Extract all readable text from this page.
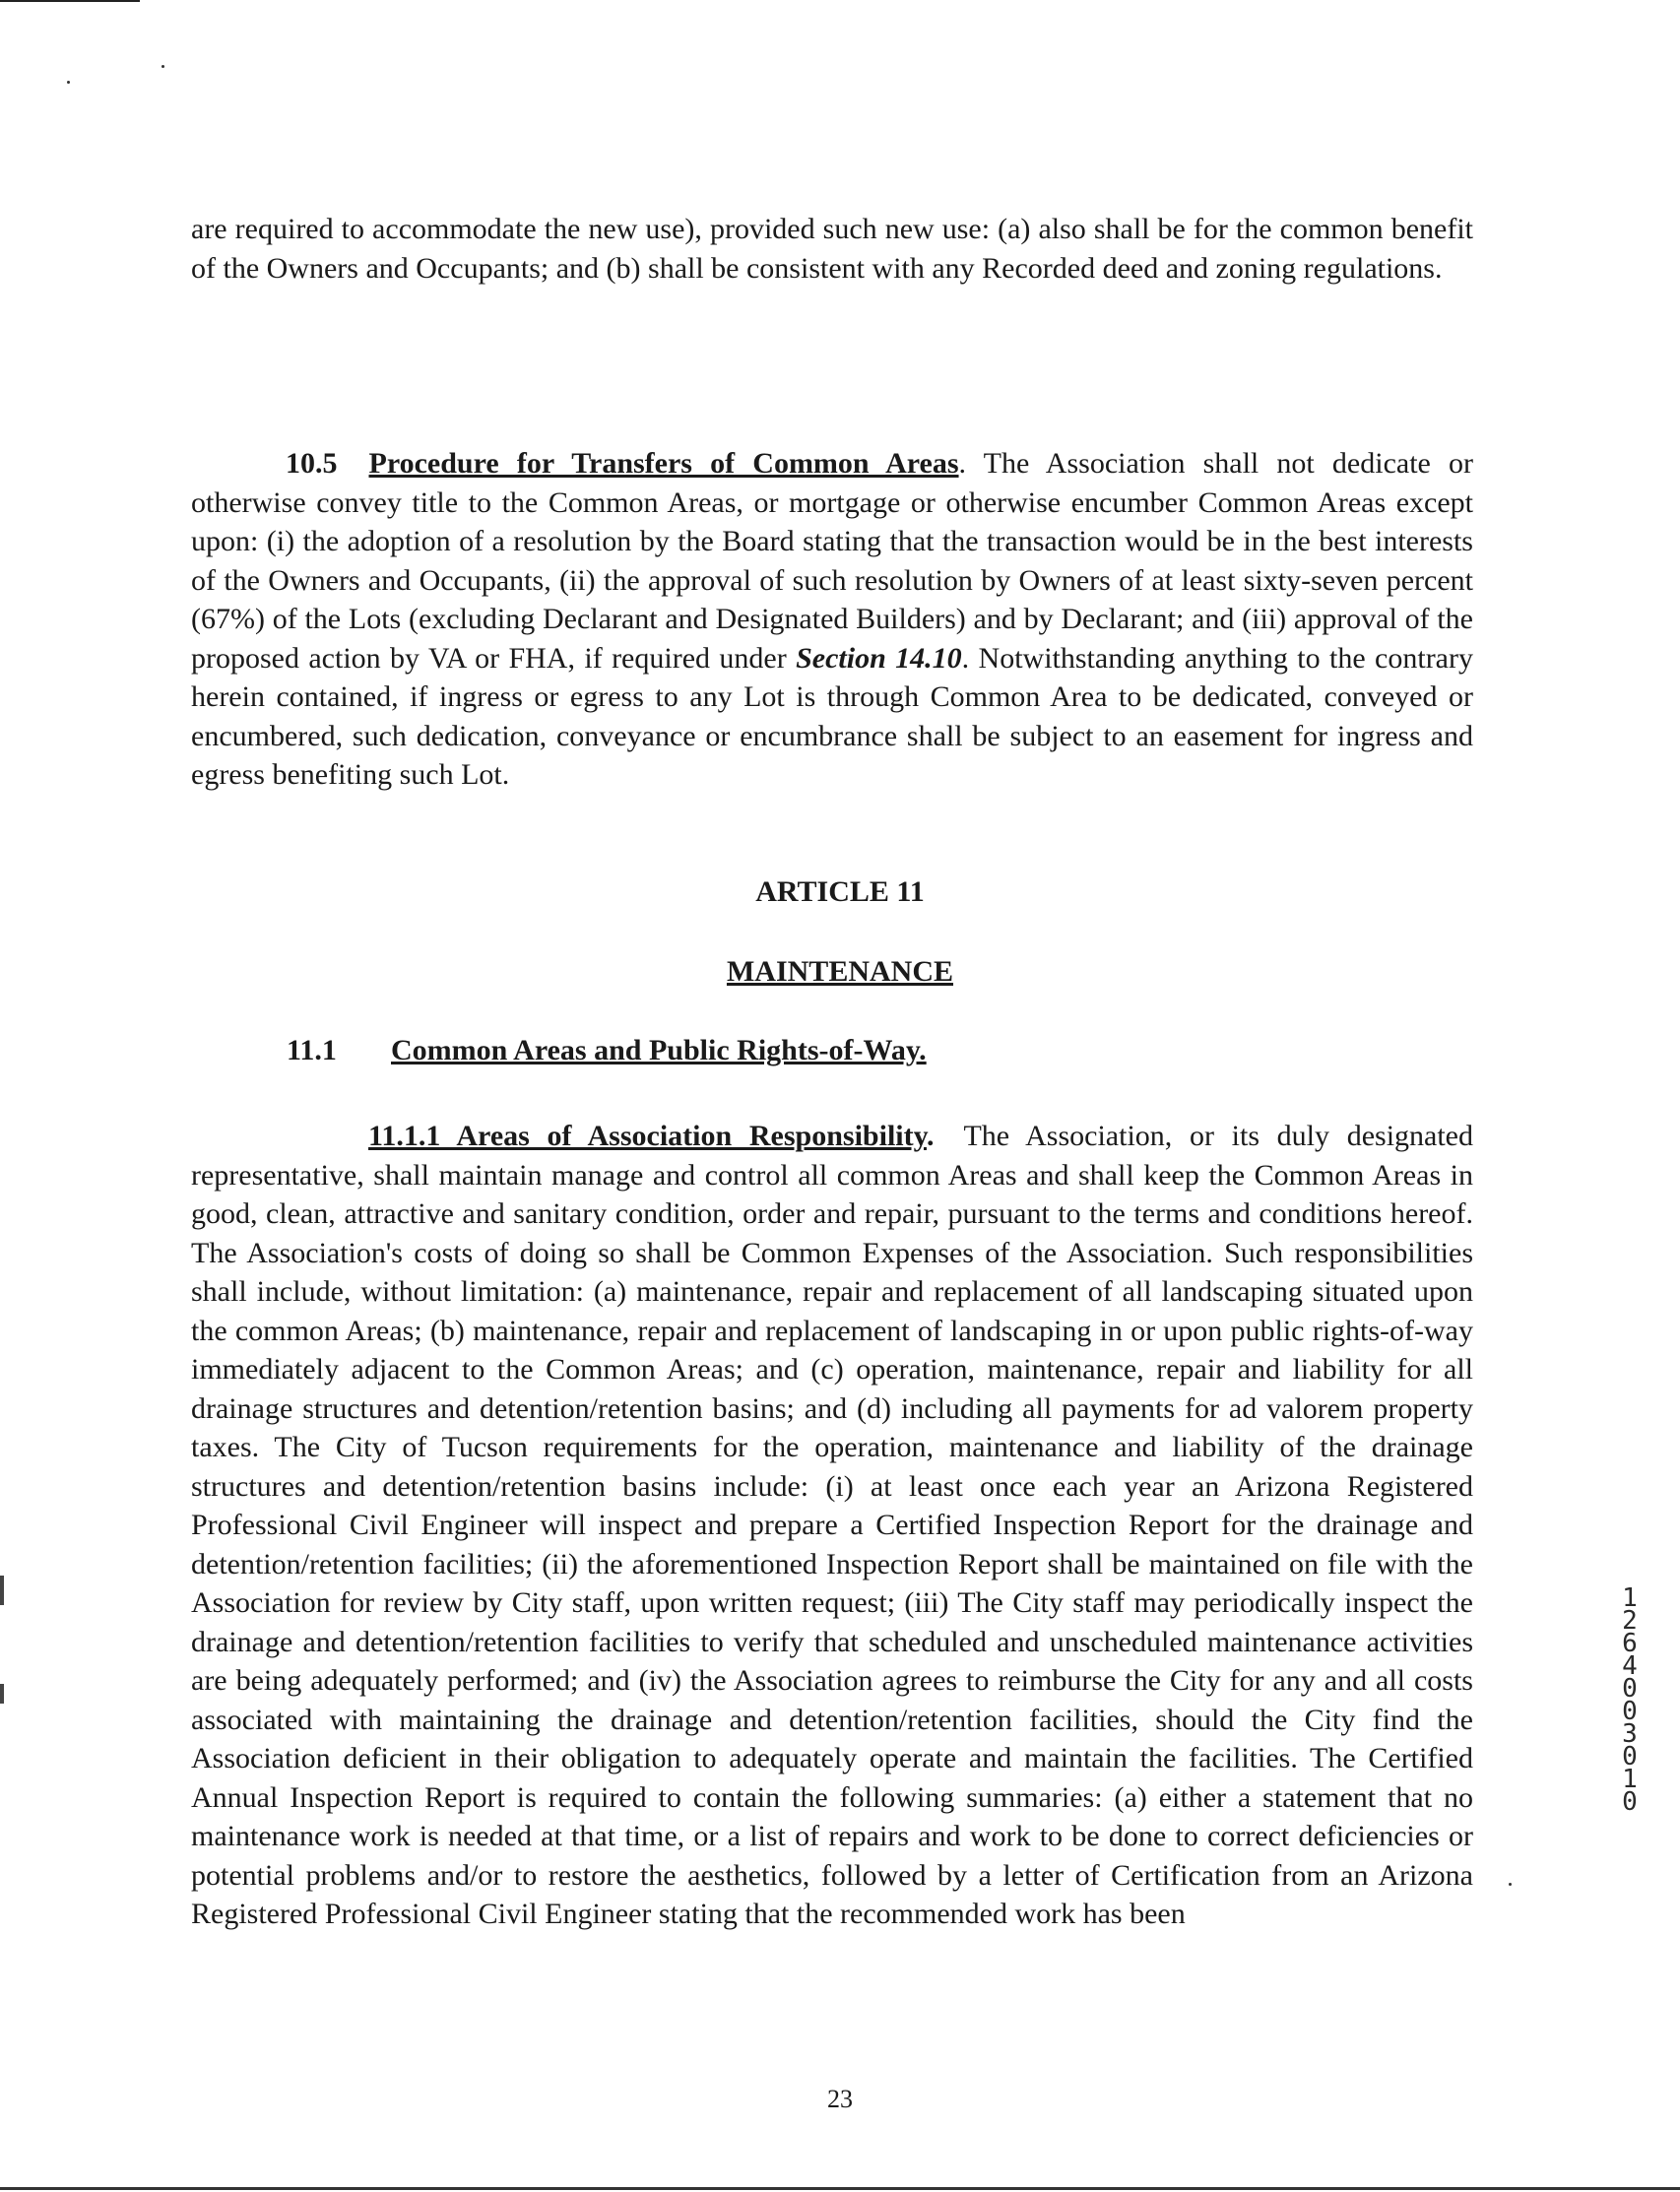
are required to accommodate the new use), provided such new use: (a) also shall be for the common benefit of the Owners and Occupants; and (b) shall be consistent with any Recorded deed and zoning regulations.

10.5 Procedure for Transfers of Common Areas. The Association shall not dedicate or otherwise convey title to the Common Areas, or mortgage or otherwise encumber Common Areas except upon: (i) the adoption of a resolution by the Board stating that the transaction would be in the best interests of the Owners and Occupants, (ii) the approval of such resolution by Owners of at least sixty-seven percent (67%) of the Lots (excluding Declarant and Designated Builders) and by Declarant; and (iii) approval of the proposed action by VA or FHA, if required under Section 14.10. Notwithstanding anything to the contrary herein contained, if ingress or egress to any Lot is through Common Area to be dedicated, conveyed or encumbered, such dedication, conveyance or encumbrance shall be subject to an easement for ingress and egress benefiting such Lot.

ARTICLE 11
MAINTENANCE
11.1 Common Areas and Public Rights-of-Way.

11.1.1 Areas of Association Responsibility. The Association, or its duly designated representative, shall maintain manage and control all common Areas and shall keep the Common Areas in good, clean, attractive and sanitary condition, order and repair, pursuant to the terms and conditions hereof. The Association's costs of doing so shall be Common Expenses of the Association. Such responsibilities shall include, without limitation: (a) maintenance, repair and replacement of all landscaping situated upon the common Areas; (b) maintenance, repair and replacement of landscaping in or upon public rights-of-way immediately adjacent to the Common Areas; and (c) operation, maintenance, repair and liability for all drainage structures and detention/retention basins; and (d) including all payments for ad valorem property taxes. The City of Tucson requirements for the operation, maintenance and liability of the drainage structures and detention/retention basins include: (i) at least once each year an Arizona Registered Professional Civil Engineer will inspect and prepare a Certified Inspection Report for the drainage and detention/retention facilities; (ii) the aforementioned Inspection Report shall be maintained on file with the Association for review by City staff, upon written request; (iii) The City staff may periodically inspect the drainage and detention/retention facilities to verify that scheduled and unscheduled maintenance activities are being adequately performed; and (iv) the Association agrees to reimburse the City for any and all costs associated with maintaining the drainage and detention/retention facilities, should the City find the Association deficient in their obligation to adequately operate and maintain the facilities. The Certified Annual Inspection Report is required to contain the following summaries: (a) either a statement that no maintenance work is needed at that time, or a list of repairs and work to be done to correct deficiencies or potential problems and/or to restore the aesthetics, followed by a letter of Certification from an Arizona Registered Professional Civil Engineer stating that the recommended work has been

12640 03010
23
